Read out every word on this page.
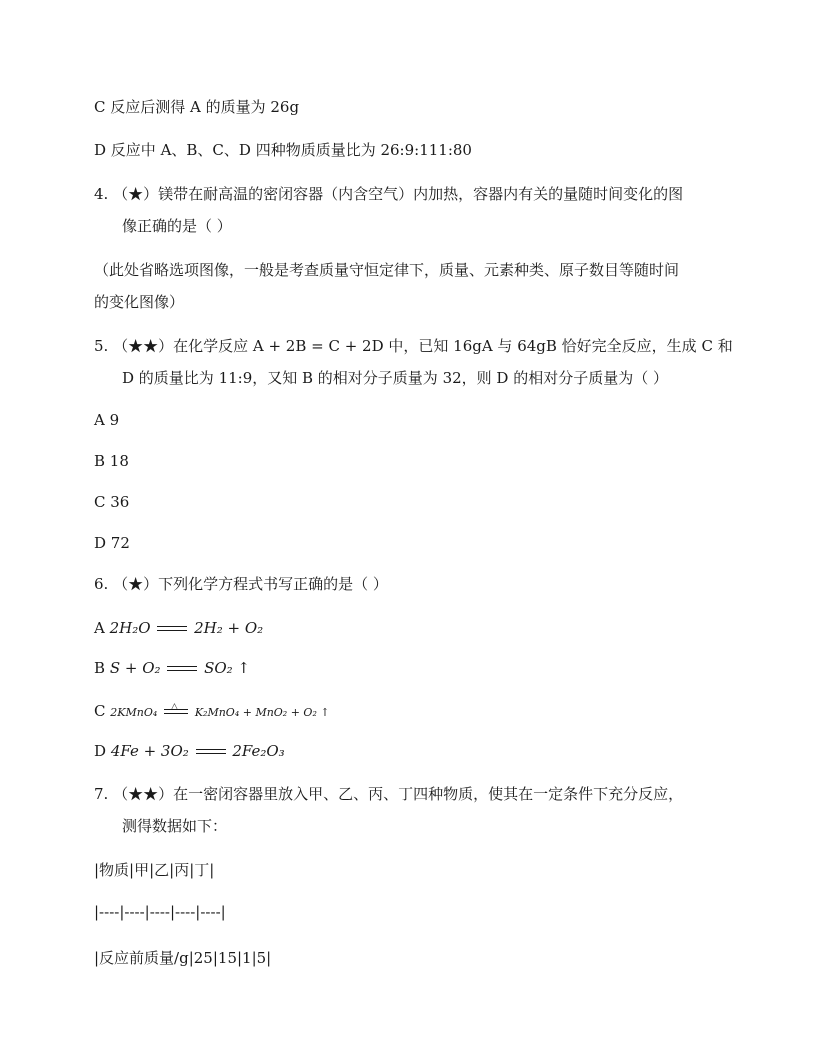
C 反应后测得 A 的质量为 26g
D 反应中 A、B、C、D 四种物质质量比为 26:9:111:80
4. （★）镁带在耐高温的密闭容器（内含空气）内加热，容器内有关的量随时间变化的图
像正确的是（ ）
（此处省略选项图像，一般是考查质量守恒定律下，质量、元素种类、原子数目等随时间
的变化图像）
5. （★★）在化学反应 A + 2B = C + 2D 中，已知 16gA 与 64gB 恰好完全反应，生成 C 和
D 的质量比为 11:9，又知 B 的相对分子质量为 32，则 D 的相对分子质量为（ ）
A 9
B 18
C 36
D 72
6. （★）下列化学方程式书写正确的是（ ）
A 2H₂O	2H₂ + O₂
B S + O₂	SO₂ ↑
C 2KMnO₄ △ K₂MnO₄ + MnO₂ + O₂ ↑
D 4Fe + 3O₂	2Fe₂O₃
7. （★★）在一密闭容器里放入甲、乙、丙、丁四种物质，使其在一定条件下充分反应，
测得数据如下：
|物质|甲|乙|丙|丁|
|----|----|----|----|----|
|反应前质量/g|25|15|1|5|
